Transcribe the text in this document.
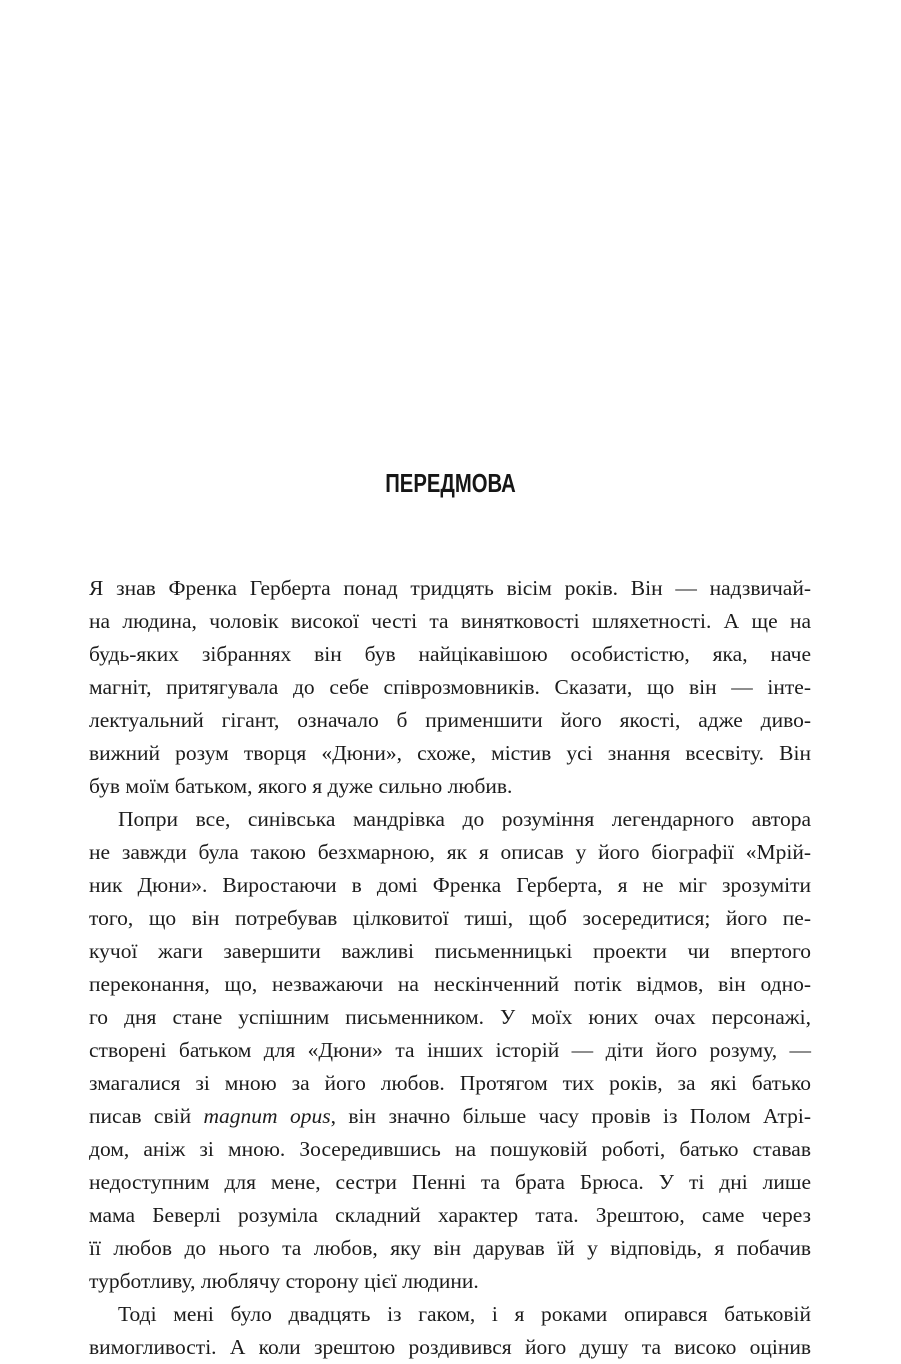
ПЕРЕДМОВА
Я знав Френка Герберта понад тридцять вісім років. Він — надзвичай-
на людина, чоловік високої честі та винятковості шляхетності. А ще на
будь-яких зібраннях він був найцікавішою особистістю, яка, наче
магніт, притягувала до себе співрозмовників. Сказати, що він — інте-
лектуальний гігант, означало б применшити його якості, адже диво-
вижний розум творця «Дюни», схоже, містив усі знання всесвіту. Він
був моїм батьком, якого я дуже сильно любив.
Попри все, синівська мандрівка до розуміння легендарного автора
не завжди була такою безхмарною, як я описав у його біографії «Мрій-
ник Дюни». Виростаючи в домі Френка Герберта, я не міг зрозуміти
того, що він потребував цілковитої тиші, щоб зосередитися; його пе-
кучої жаги завершити важливі письменницькі проекти чи впертого
переконання, що, незважаючи на нескінченний потік відмов, він одно-
го дня стане успішним письменником. У моїх юних очах персонажі,
створені батьком для «Дюни» та інших історій — діти його розуму, —
змагалися зі мною за його любов. Протягом тих років, за які батько
писав свій magnum opus, він значно більше часу провів із Полом Атрі-
дом, аніж зі мною. Зосередившись на пошуковій роботі, батько ставав
недоступним для мене, сестри Пенні та брата Брюса. У ті дні лише
мама Беверлі розуміла складний характер тата. Зрештою, саме через
її любов до нього та любов, яку він дарував їй у відповідь, я побачив
турботливу, люблячу сторону цієї людини.
Тоді мені було двадцять із гаком, і я роками опирався батьковій
вимогливості. А коли зрештою роздивився його душу та високо оцінив
